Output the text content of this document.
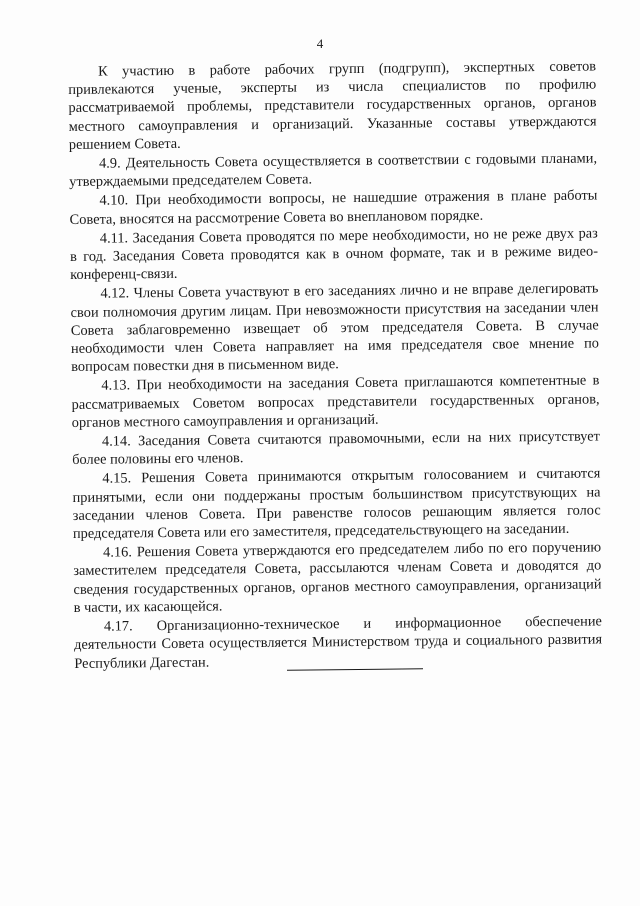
4

К участию в работе рабочих групп (подгрупп), экспертных советов привлекаются ученые, эксперты из числа специалистов по профилю рассматриваемой проблемы, представители государственных органов, органов местного самоуправления и организаций. Указанные составы утверждаются решением Совета.

4.9. Деятельность Совета осуществляется в соответствии с годовыми планами, утверждаемыми председателем Совета.

4.10. При необходимости вопросы, не нашедшие отражения в плане работы Совета, вносятся на рассмотрение Совета во внеплановом порядке.

4.11. Заседания Совета проводятся по мере необходимости, но не реже двух раз в год. Заседания Совета проводятся как в очном формате, так и в режиме видео-конференц-связи.

4.12. Члены Совета участвуют в его заседаниях лично и не вправе делегировать свои полномочия другим лицам. При невозможности присутствия на заседании член Совета заблаговременно извещает об этом председателя Совета. В случае необходимости член Совета направляет на имя председателя свое мнение по вопросам повестки дня в письменном виде.

4.13. При необходимости на заседания Совета приглашаются компетентные в рассматриваемых Советом вопросах представители государственных органов, органов местного самоуправления и организаций.

4.14. Заседания Совета считаются правомочными, если на них присутствует более половины его членов.

4.15. Решения Совета принимаются открытым голосованием и считаются принятыми, если они поддержаны простым большинством присутствующих на заседании членов Совета. При равенстве голосов решающим является голос председателя Совета или его заместителя, председательствующего на заседании.

4.16. Решения Совета утверждаются его председателем либо по его поручению заместителем председателя Совета, рассылаются членам Совета и доводятся до сведения государственных органов, органов местного самоуправления, организаций в части, их касающейся.

4.17. Организационно-техническое и информационное обеспечение деятельности Совета осуществляется Министерством труда и социального развития Республики Дагестан.
